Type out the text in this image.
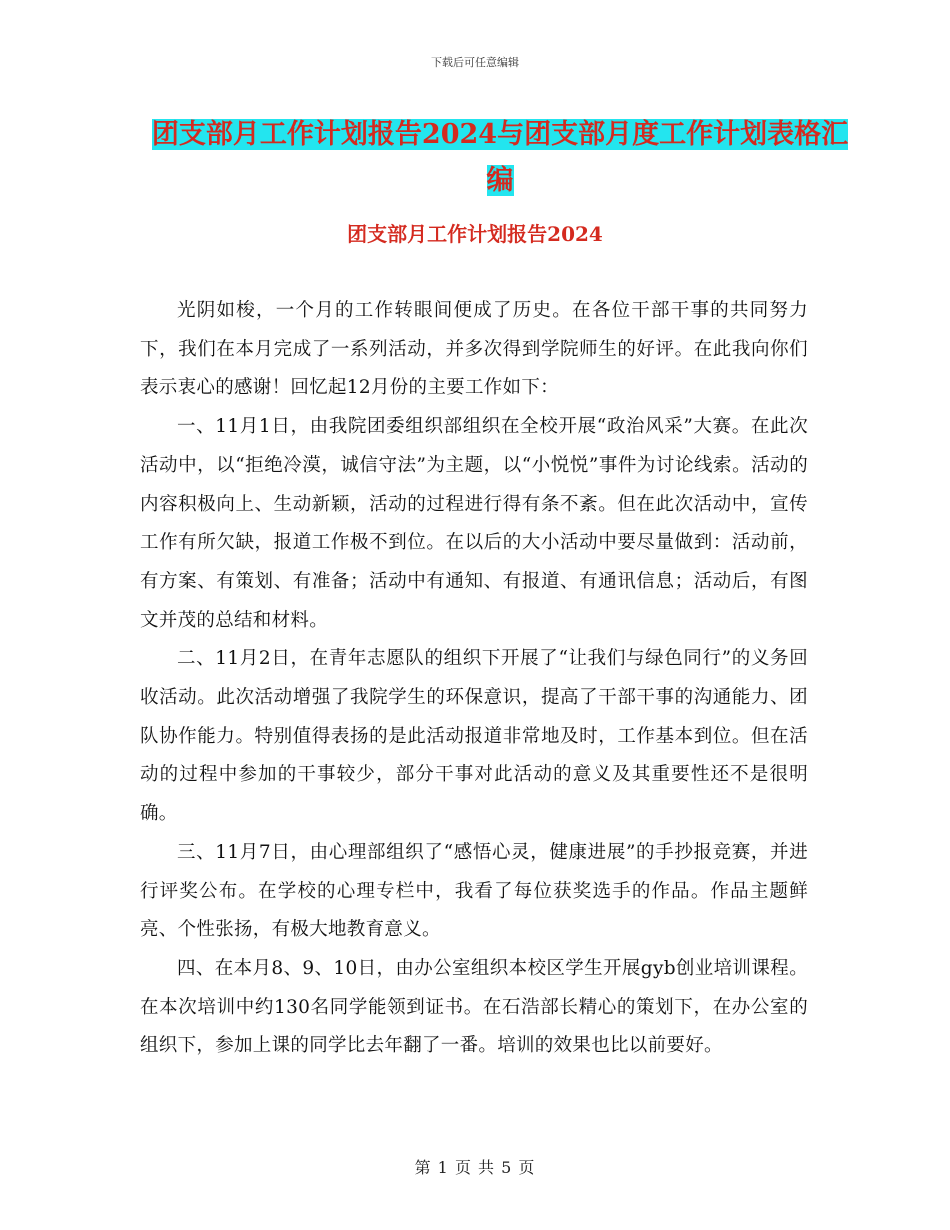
下载后可任意编辑
团支部月工作计划报告2024与团支部月度工作计划表格汇编
团支部月工作计划报告2024

光阴如梭，一个月的工作转眼间便成了历史。在各位干部干事的共同努力下，我们在本月完成了一系列活动，并多次得到学院师生的好评。在此我向你们表示衷心的感谢！回忆起12月份的主要工作如下：

一、11月1日，由我院团委组织部组织在全校开展“政治风采”大赛。在此次活动中，以“拒绝冷漠，诚信守法”为主题，以“小悦悦”事件为讨论线索。活动的内容积极向上、生动新颖，活动的过程进行得有条不紊。但在此次活动中，宣传工作有所欠缺，报道工作极不到位。在以后的大小活动中要尽量做到：活动前，有方案、有策划、有准备；活动中有通知、有报道、有通讯信息；活动后，有图文并茂的总结和材料。

二、11月2日，在青年志愿队的组织下开展了“让我们与绿色同行”的义务回收活动。此次活动增强了我院学生的环保意识，提高了干部干事的沟通能力、团队协作能力。特别值得表扬的是此活动报道非常地及时，工作基本到位。但在活动的过程中参加的干事较少，部分干事对此活动的意义及其重要性还不是很明确。

三、11月7日，由心理部组织了“感悟心灵，健康进展”的手抄报竞赛，并进行评奖公布。在学校的心理专栏中，我看了每位获奖选手的作品。作品主题鲜亮、个性张扬，有极大地教育意义。

四、在本月8、9、10日，由办公室组织本校区学生开展gyb创业培训课程。在本次培训中约130名同学能领到证书。在石浩部长精心的策划下，在办公室的组织下，参加上课的同学比去年翻了一番。培训的效果也比以前要好。

第 1 页 共 5 页
